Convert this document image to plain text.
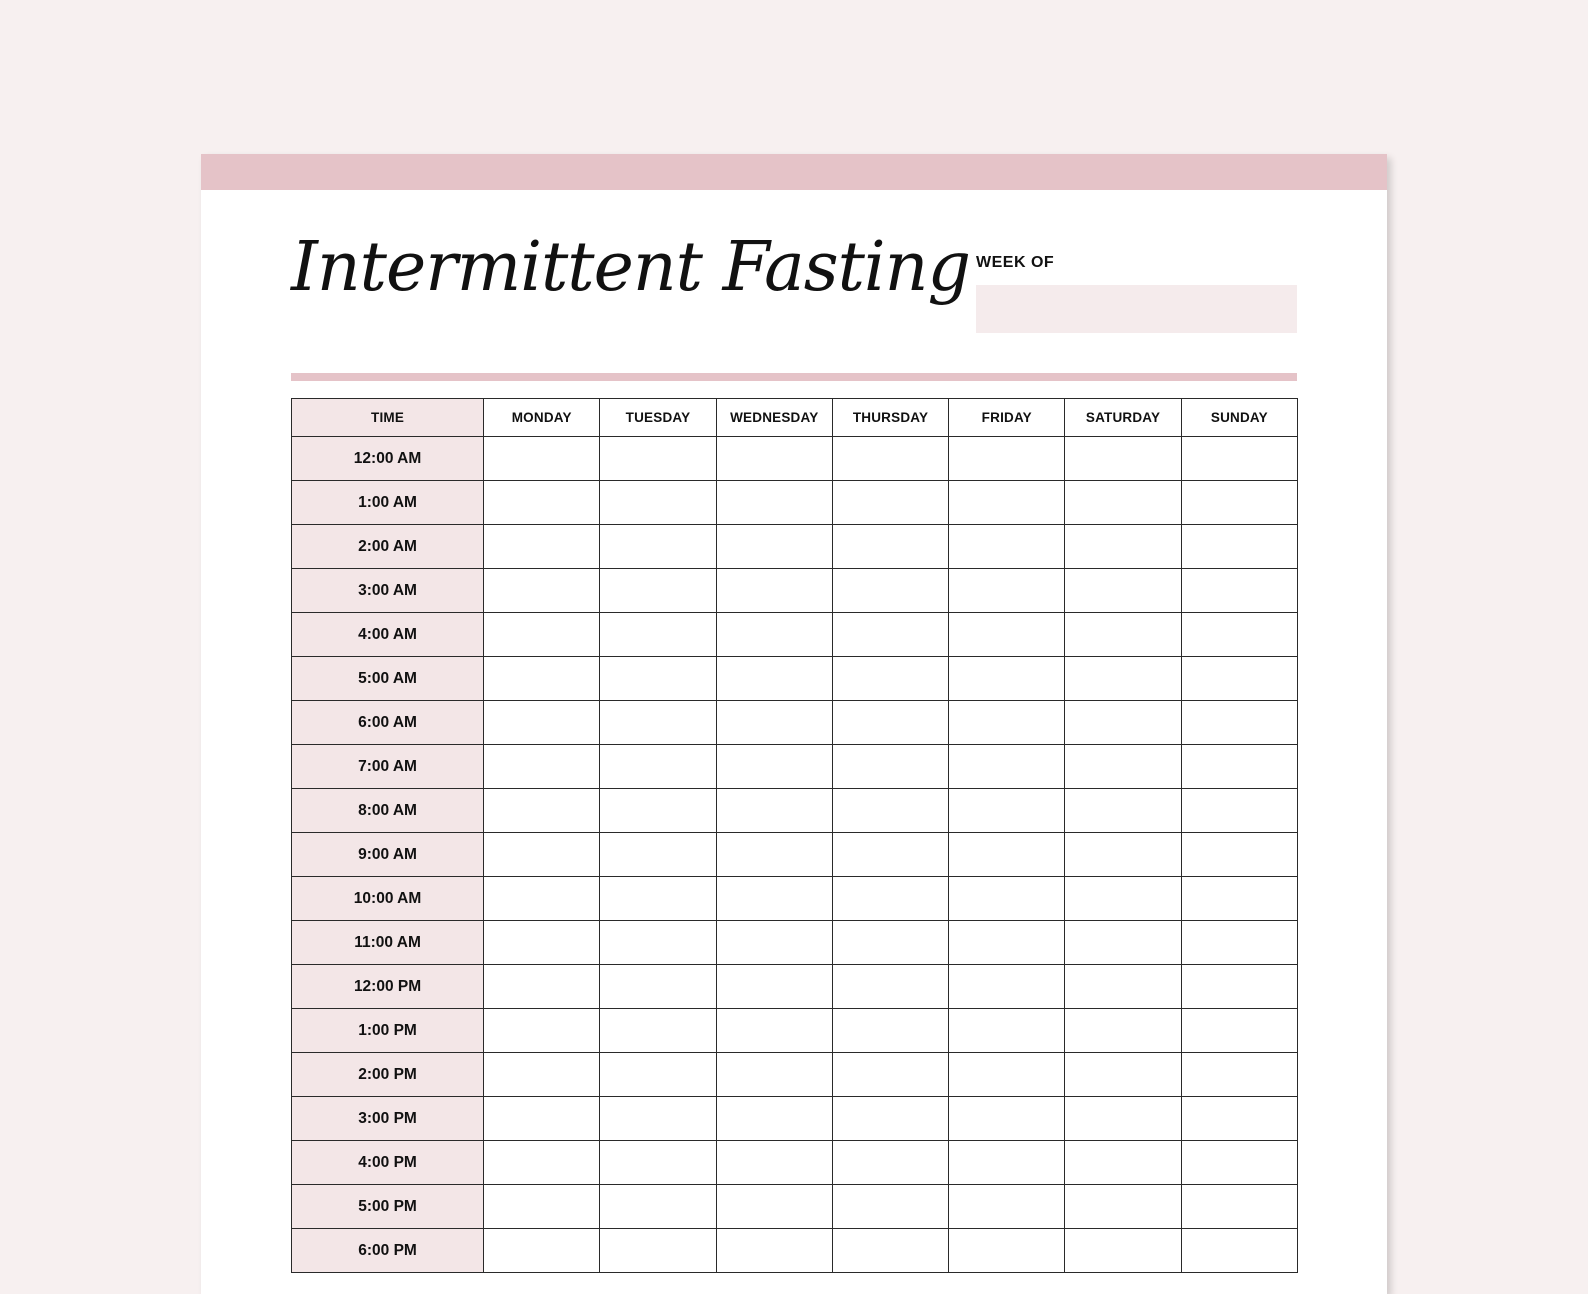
Intermittent Fasting WEEK OF
TIME	MONDAY	TUESDAY	WEDNESDAY	THURSDAY	FRIDAY	SATURDAY	SUNDAY
12:00 AM							
1:00 AM							
2:00 AM							
3:00 AM							
4:00 AM							
5:00 AM							
6:00 AM							
7:00 AM							
8:00 AM							
9:00 AM							
10:00 AM							
11:00 AM							
12:00 PM							
1:00 PM							
2:00 PM							
3:00 PM							
4:00 PM							
5:00 PM							
6:00 PM							
